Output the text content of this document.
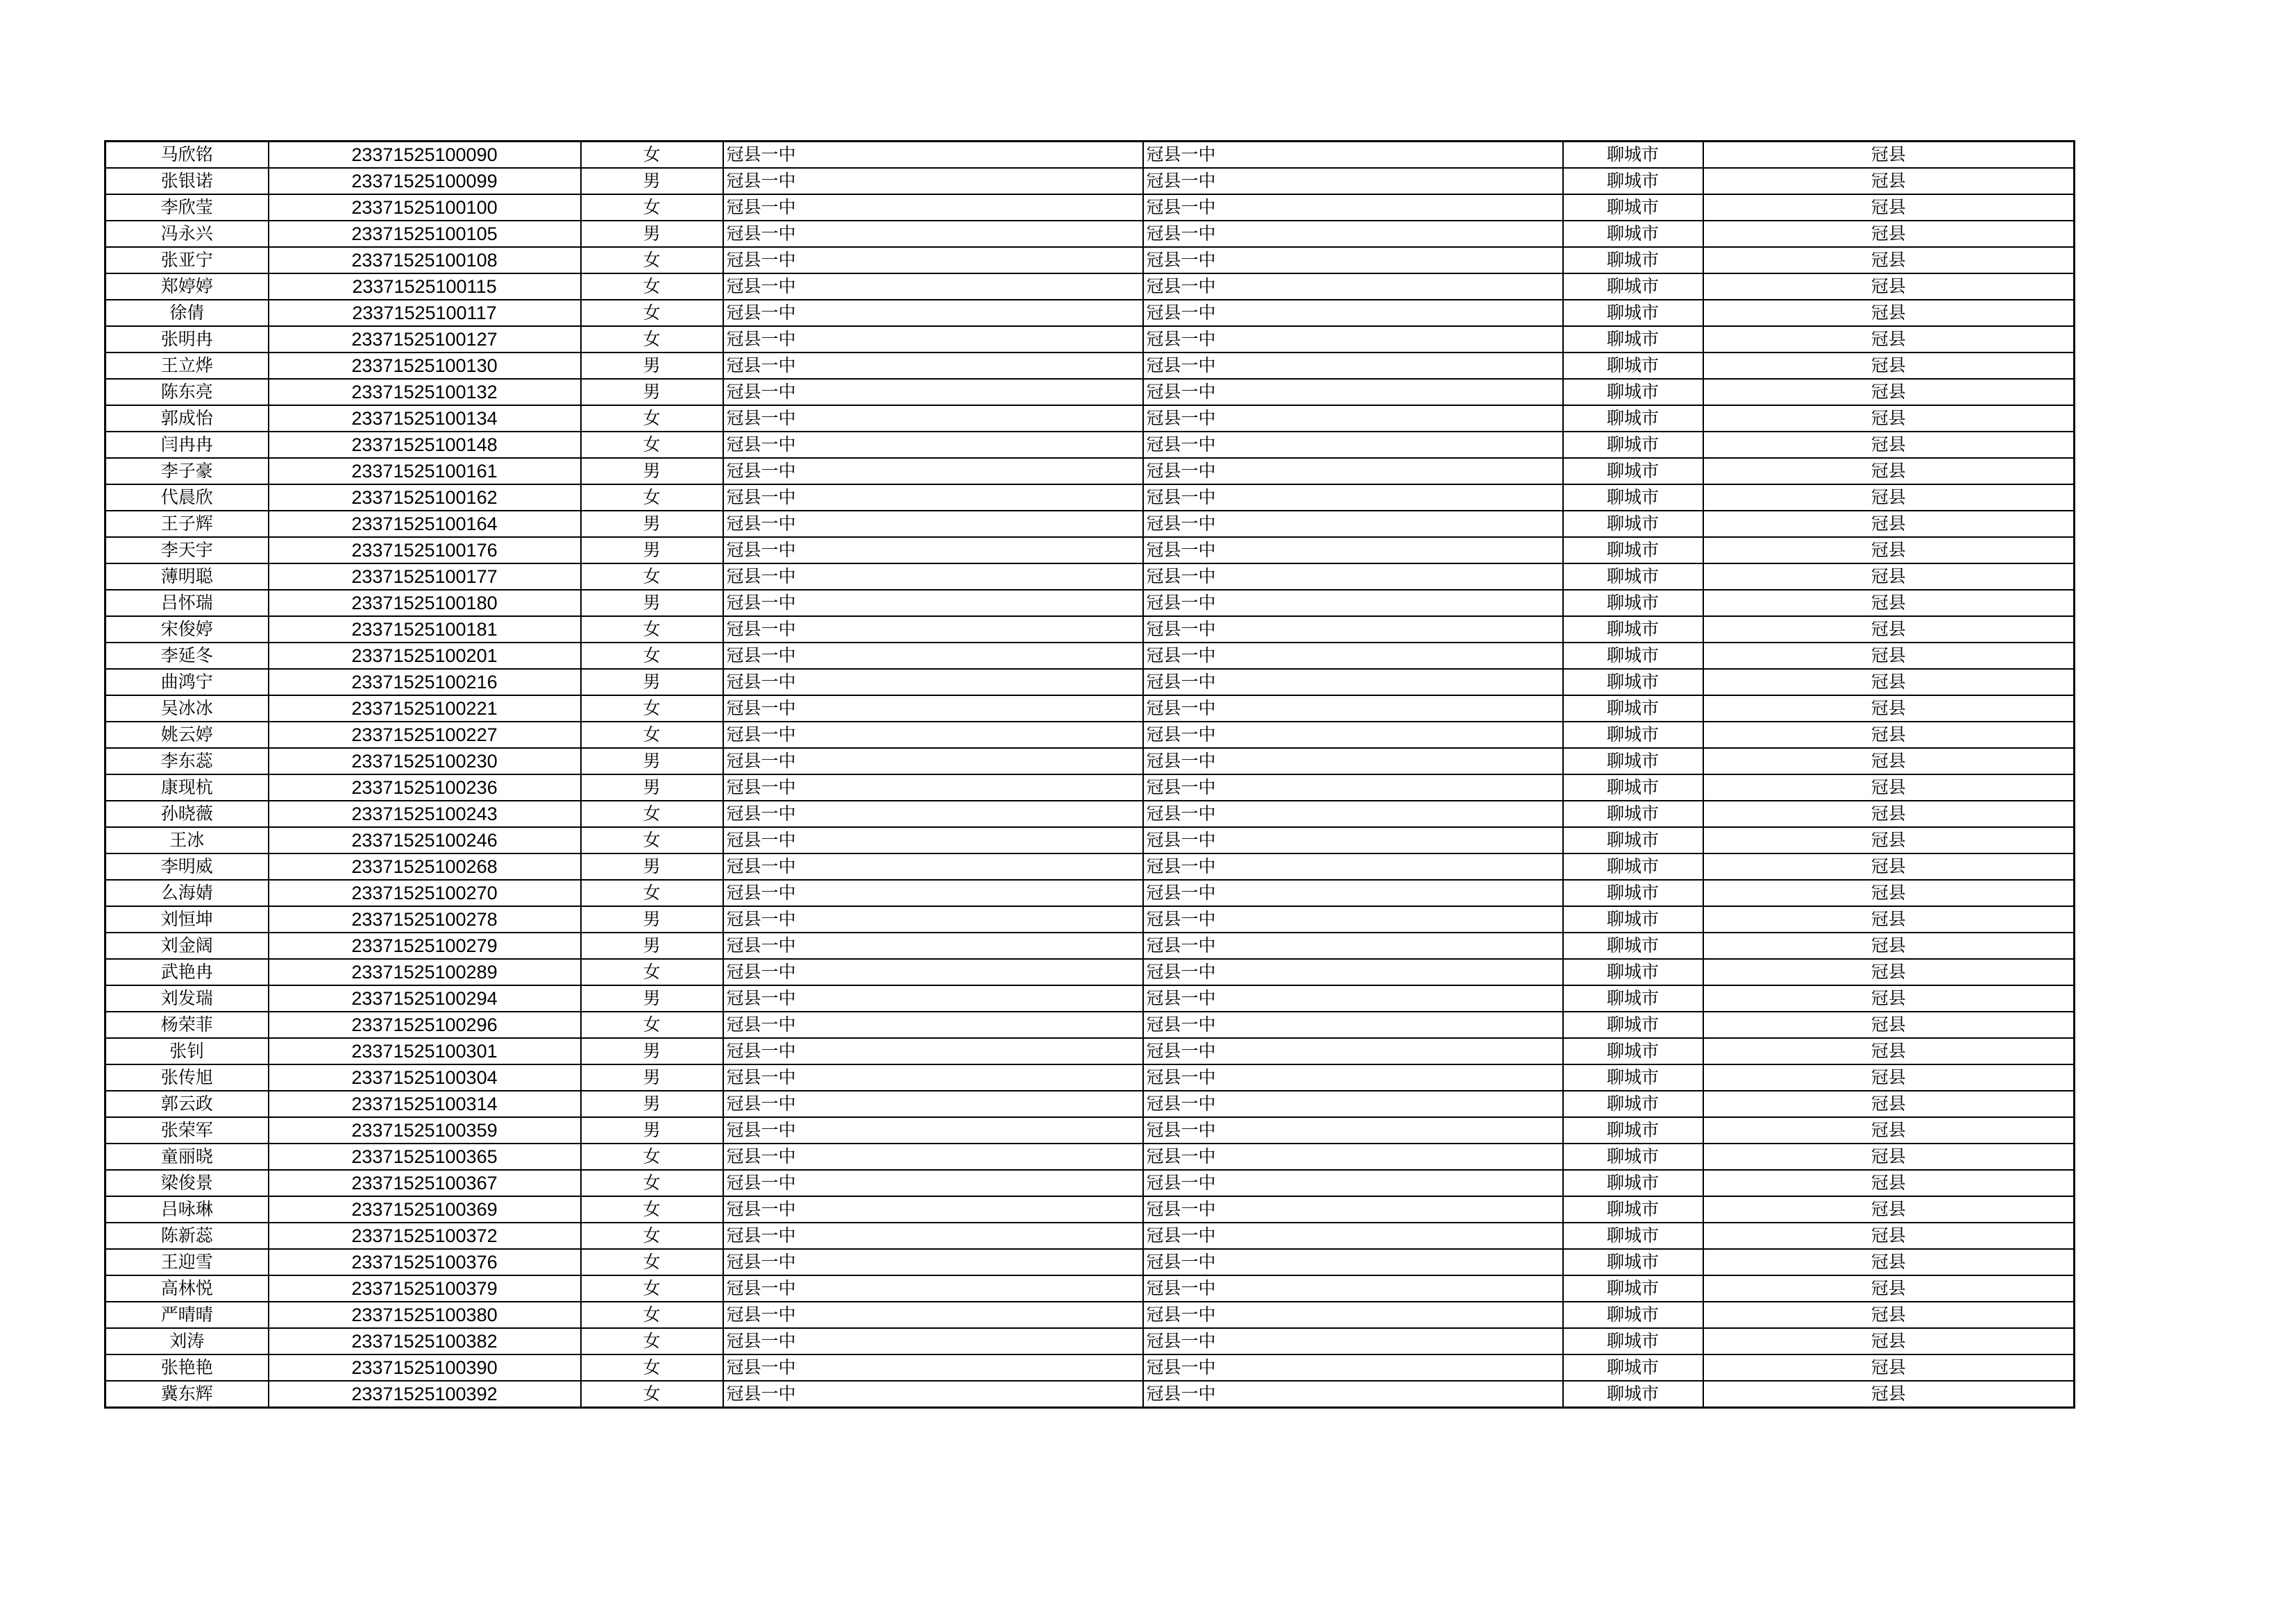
马欣铭	23371525100090	女	冠县一中	冠县一中	聊城市	冠县
张银诺	23371525100099	男	冠县一中	冠县一中	聊城市	冠县
李欣莹	23371525100100	女	冠县一中	冠县一中	聊城市	冠县
冯永兴	23371525100105	男	冠县一中	冠县一中	聊城市	冠县
张亚宁	23371525100108	女	冠县一中	冠县一中	聊城市	冠县
郑婷婷	23371525100115	女	冠县一中	冠县一中	聊城市	冠县
徐倩	23371525100117	女	冠县一中	冠县一中	聊城市	冠县
张明冉	23371525100127	女	冠县一中	冠县一中	聊城市	冠县
王立烨	23371525100130	男	冠县一中	冠县一中	聊城市	冠县
陈东亮	23371525100132	男	冠县一中	冠县一中	聊城市	冠县
郭成怡	23371525100134	女	冠县一中	冠县一中	聊城市	冠县
闫冉冉	23371525100148	女	冠县一中	冠县一中	聊城市	冠县
李子豪	23371525100161	男	冠县一中	冠县一中	聊城市	冠县
代晨欣	23371525100162	女	冠县一中	冠县一中	聊城市	冠县
王子辉	23371525100164	男	冠县一中	冠县一中	聊城市	冠县
李天宇	23371525100176	男	冠县一中	冠县一中	聊城市	冠县
薄明聪	23371525100177	女	冠县一中	冠县一中	聊城市	冠县
吕怀瑞	23371525100180	男	冠县一中	冠县一中	聊城市	冠县
宋俊婷	23371525100181	女	冠县一中	冠县一中	聊城市	冠县
李延冬	23371525100201	女	冠县一中	冠县一中	聊城市	冠县
曲鸿宁	23371525100216	男	冠县一中	冠县一中	聊城市	冠县
吴冰冰	23371525100221	女	冠县一中	冠县一中	聊城市	冠县
姚云婷	23371525100227	女	冠县一中	冠县一中	聊城市	冠县
李东蕊	23371525100230	男	冠县一中	冠县一中	聊城市	冠县
康现杭	23371525100236	男	冠县一中	冠县一中	聊城市	冠县
孙晓薇	23371525100243	女	冠县一中	冠县一中	聊城市	冠县
王冰	23371525100246	女	冠县一中	冠县一中	聊城市	冠县
李明威	23371525100268	男	冠县一中	冠县一中	聊城市	冠县
么海婧	23371525100270	女	冠县一中	冠县一中	聊城市	冠县
刘恒坤	23371525100278	男	冠县一中	冠县一中	聊城市	冠县
刘金阔	23371525100279	男	冠县一中	冠县一中	聊城市	冠县
武艳冉	23371525100289	女	冠县一中	冠县一中	聊城市	冠县
刘发瑞	23371525100294	男	冠县一中	冠县一中	聊城市	冠县
杨荣菲	23371525100296	女	冠县一中	冠县一中	聊城市	冠县
张钊	23371525100301	男	冠县一中	冠县一中	聊城市	冠县
张传旭	23371525100304	男	冠县一中	冠县一中	聊城市	冠县
郭云政	23371525100314	男	冠县一中	冠县一中	聊城市	冠县
张荣军	23371525100359	男	冠县一中	冠县一中	聊城市	冠县
童丽晓	23371525100365	女	冠县一中	冠县一中	聊城市	冠县
梁俊景	23371525100367	女	冠县一中	冠县一中	聊城市	冠县
吕咏琳	23371525100369	女	冠县一中	冠县一中	聊城市	冠县
陈新蕊	23371525100372	女	冠县一中	冠县一中	聊城市	冠县
王迎雪	23371525100376	女	冠县一中	冠县一中	聊城市	冠县
高林悦	23371525100379	女	冠县一中	冠县一中	聊城市	冠县
严晴晴	23371525100380	女	冠县一中	冠县一中	聊城市	冠县
刘涛	23371525100382	女	冠县一中	冠县一中	聊城市	冠县
张艳艳	23371525100390	女	冠县一中	冠县一中	聊城市	冠县
冀东辉	23371525100392	女	冠县一中	冠县一中	聊城市	冠县
